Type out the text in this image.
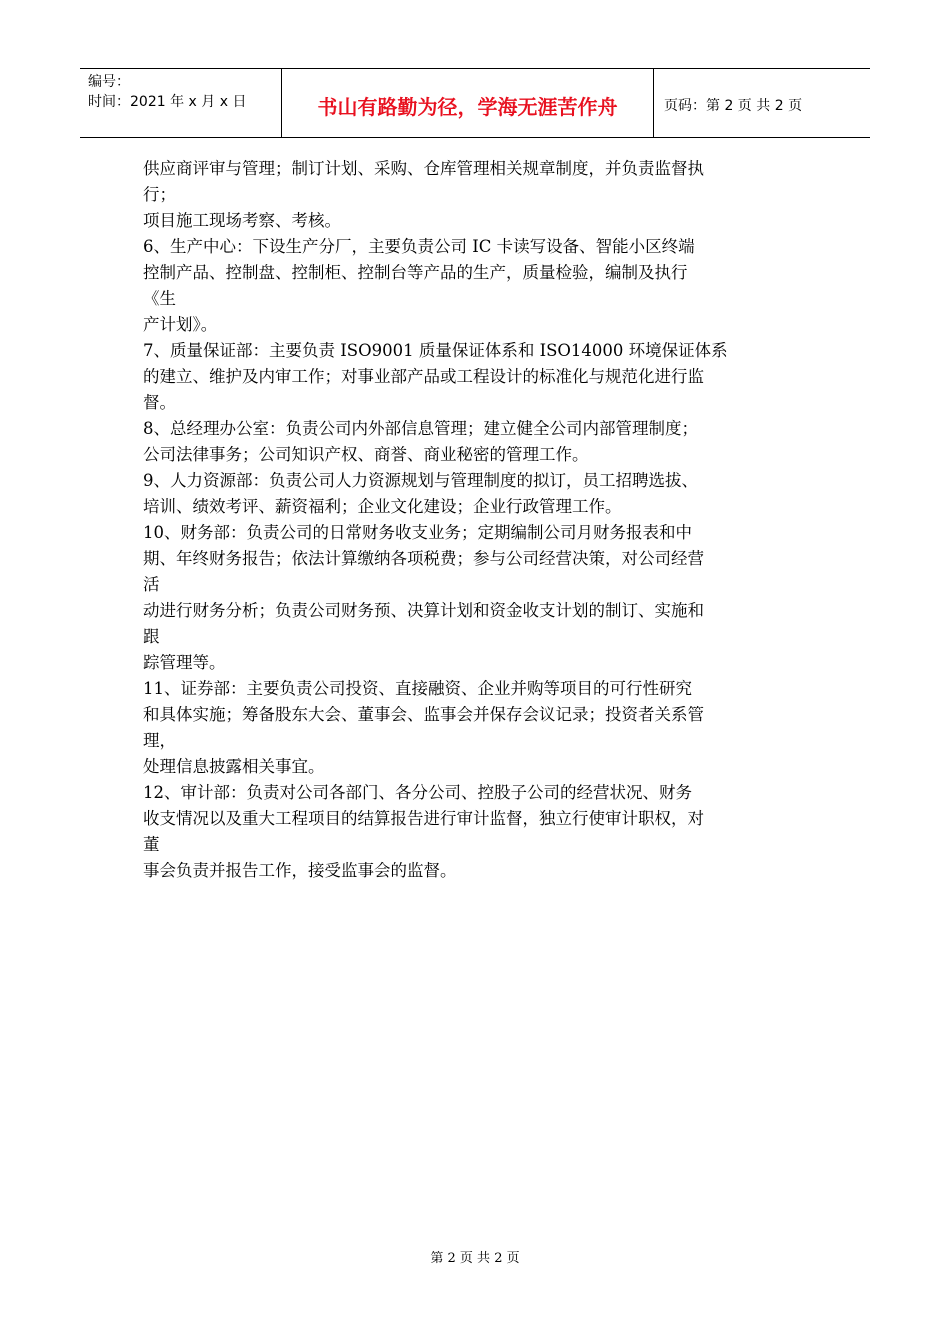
编号：
时间：2021 年 x 月 x 日	书山有路勤为径，学海无涯苦作舟	页码：第 2 页 共 2 页
供应商评审与管理；制订计划、采购、仓库管理相关规章制度，并负责监督执
行；
项目施工现场考察、考核。
6、生产中心：下设生产分厂，主要负责公司 IC 卡读写设备、智能小区终端
控制产品、控制盘、控制柜、控制台等产品的生产，质量检验，编制及执行
《生
产计划》。
7、质量保证部：主要负责 ISO9001 质量保证体系和 ISO14000 环境保证体系
的建立、维护及内审工作；对事业部产品或工程设计的标准化与规范化进行监
督。
8、总经理办公室：负责公司内外部信息管理；建立健全公司内部管理制度；
公司法律事务；公司知识产权、商誉、商业秘密的管理工作。
9、人力资源部：负责公司人力资源规划与管理制度的拟订，员工招聘选拔、
培训、绩效考评、薪资福利；企业文化建设；企业行政管理工作。
10、财务部：负责公司的日常财务收支业务；定期编制公司月财务报表和中
期、年终财务报告；依法计算缴纳各项税费；参与公司经营决策，对公司经营
活
动进行财务分析；负责公司财务预、决算计划和资金收支计划的制订、实施和
跟
踪管理等。
11、证券部：主要负责公司投资、直接融资、企业并购等项目的可行性研究
和具体实施；筹备股东大会、董事会、监事会并保存会议记录；投资者关系管
理，
处理信息披露相关事宜。
12、审计部：负责对公司各部门、各分公司、控股子公司的经营状况、财务
收支情况以及重大工程项目的结算报告进行审计监督，独立行使审计职权，对
董
事会负责并报告工作，接受监事会的监督。
第 2 页 共 2 页
